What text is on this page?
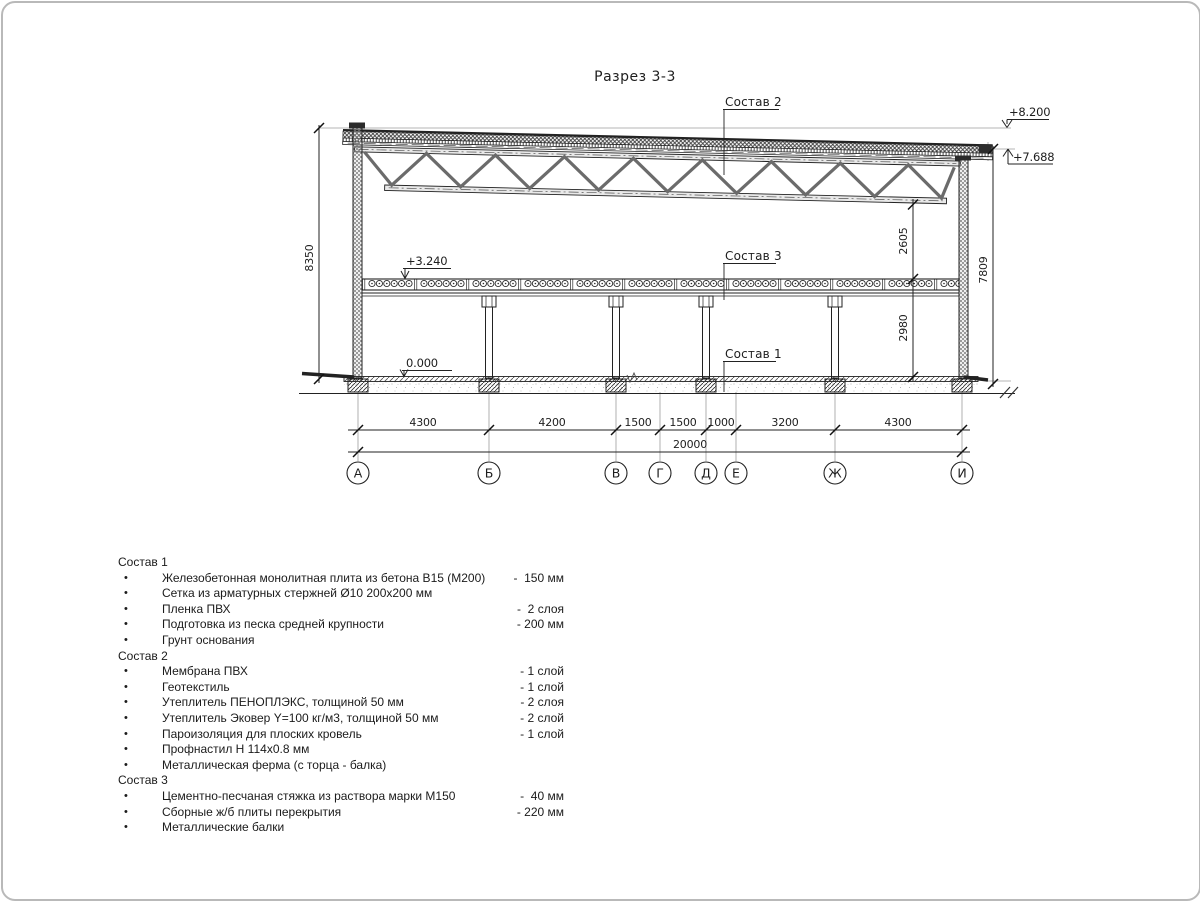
Разрез 3-3
8350	7809
2605
2980
4300	4200	1500 1500 1000	3200	4300
20000
А	Б	В	Г	Д Е	Ж	И
Состав 2
Состав 3
Состав 1
+8.200
+7.688
+3.240
0.000
Состав 1
•	Железобетонная монолитная плита из бетона В15 (М200)	-  150 мм
•	Сетка из арматурных стержней Ø10 200x200 мм
•	Пленка ПВХ	-  2 слоя
•	Подготовка из песка средней крупности	- 200 мм
•	Грунт основания
Состав 2
•	Мембрана ПВХ	- 1 слой
•	Геотекстиль	- 1 слой
•	Утеплитель ПЕНОПЛЭКС, толщиной 50 мм	- 2 слоя
•	Утеплитель Эковер Y=100 кг/м3, толщиной 50 мм	- 2 слой
•	Пароизоляция для плоских кровель	- 1 слой
•	Профнастил Н 114x0.8 мм
•	Металлическая ферма (с торца - балка)
Состав 3
•	Цементно-песчаная стяжка из раствора марки М150	-  40 мм
•	Сборные ж/б плиты перекрытия	- 220 мм
•	Металлические балки
